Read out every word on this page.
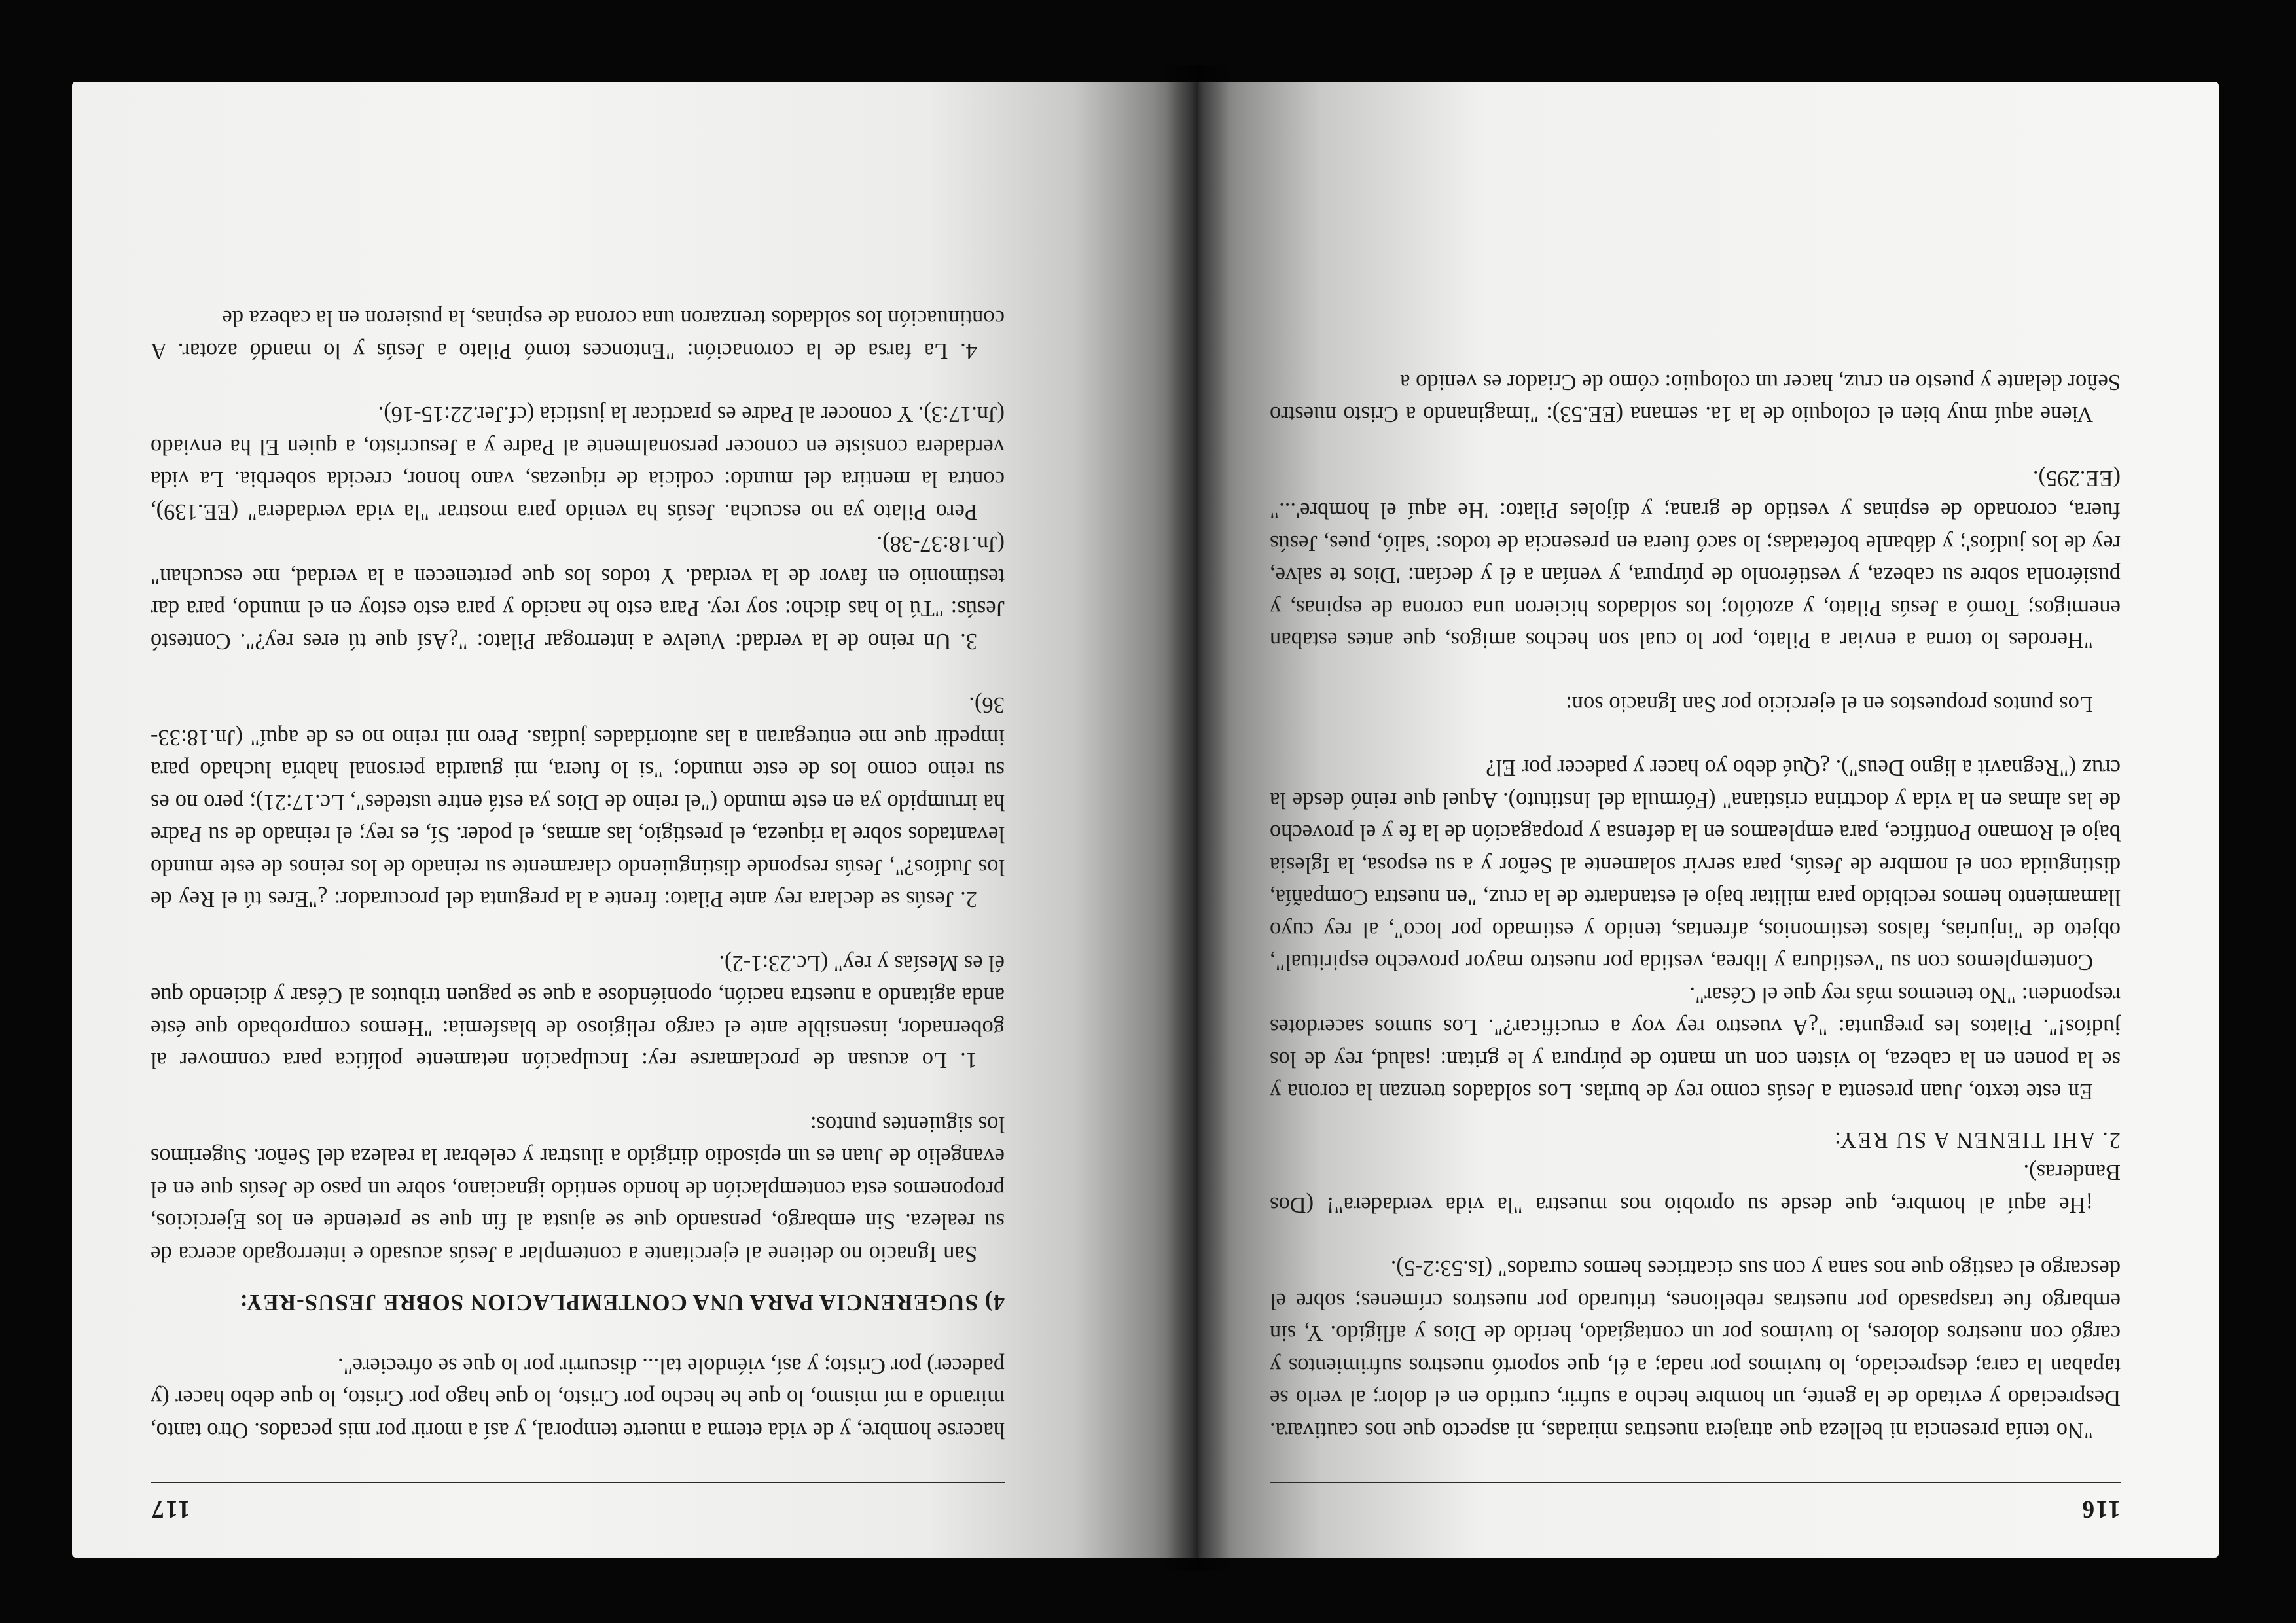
116

"No tenía presencia ni belleza que atrajera nuestras miradas, ni aspecto que nos cautivara. Despreciado y evitado de la gente, un hombre hecho a sufrir, curtido en el dolor; al verlo se tapaban la cara; despreciado, lo tuvimos por nada; a él, que soportó nuestros sufrimientos y cargó con nuestros dolores, lo tuvimos por un contagiado, herido de Dios y afligido. Y, sin embargo fue traspasado por nuestras rebeliones, triturado por nuestros crímenes; sobre el descargo el castigo que nos sana y con sus cicatrices hemos curados" (Is.53:2-5).

¡He aquí al hombre, que desde su oprobio nos muestra "la vida verdadera"! (Dos Banderas).

2. AHI TIENEN A SU REY:

En este texto, Juan presenta a Jesús como rey de burlas. Los soldados trenzan la corona y se la ponen en la cabeza, lo visten con un manto de púrpura y le gritan: ¡salud, rey de los judíos!". Pilatos les pregunta: "¿A vuestro rey voy a crucificar?". Los sumos sacerdotes responden: "No tenemos más rey que el César".

Contemplemos con su "vestidura y librea, vestida por nuestro mayor provecho espiritual", objeto de "injurias, falsos testimonios, afrentas, tenido y estimado por loco", al rey cuyo llamamiento hemos recibido para militar bajo el estandarte de la cruz, "en nuestra Compañía, distinguida con el nombre de Jesús, para servir solamente al Señor y a su esposa, la Iglesia bajo el Romano Pontífice, para empleamos en la defensa y propagación de la fe y el provecho de las almas en la vida y doctrina cristiana" (Fórmula del Instituto). Aquel que reinó desde la cruz ("Regnavit a ligno Deus"). ¿Qué debo yo hacer y padecer por El?

Los puntos propuestos en el ejercicio por San Ignacio son:

"Herodes lo torna a enviar a Pilato, por lo cual son hechos amigos, que antes estaban enemigos; Tomó a Jesús Pilato, y azotólo; los soldados hicieron una corona de espinas, y pusiéronla sobre su cabeza, y vestiéronlo de púrpura, y venían a él y decían: 'Dios te salve, rey de los judíos'; y dábanle bofetadas; lo sacó fuera en presencia de todos: 'salió, pues, Jesús fuera, coronado de espinas y vestido de grana; y díjoles Pilato: 'He aquí el hombre'..." (EE.295).

Viene aquí muy bien el coloquio de la 1a. semana (EE.53): "imaginando a Cristo nuestro Señor delante y puesto en cruz, hacer un coloquio: cómo de Criador es venido a

117

hacerse hombre, y de vida eterna a muerte temporal, y así a morir por mis pecados. Otro tanto, mirando a mí mismo, lo que he hecho por Cristo, lo que hago por Cristo, lo que debo hacer (y padecer) por Cristo; y así, viéndole tal... discurrir por lo que se ofreciere".

4) SUGERENCIA PARA UNA CONTEMPLACION SOBRE JESUS-REY:

San Ignacio no detiene al ejercitante a contemplar a Jesús acusado e interrogado acerca de su realeza. Sin embargo, pensando que se ajusta al fin que se pretende en los Ejercicios, proponemos esta contemplación de hondo sentido ignaciano, sobre un paso de Jesús que en el evangelio de Juan es un episodio dirigido a ilustrar y celebrar la realeza del Señor. Sugerimos los siguientes puntos:

1. Lo acusan de proclamarse rey: Inculpación netamente política para conmover al gobernador, insensible ante el cargo religioso de blasfemia: "Hemos comprobado que éste anda agitando a nuestra nación, oponiéndose a que se paguen tributos al César y diciendo que él es Mesías y rey" (Lc.23:1-2).

2. Jesús se declara rey ante Pilato: frente a la pregunta del procurador: ¿"Eres tú el Rey de los Judíos?", Jesús responde distinguiendo claramente su reinado de los reinos de este mundo levantados sobre la riqueza, el prestigio, las armas, el poder. Sí, es rey; el reinado de su Padre ha irrumpido ya en este mundo ("el reino de Dios ya está entre ustedes", Lc.17:21); pero no es su reino como los de este mundo; "si lo fuera, mi guardia personal habría luchado para impedir que me entregaran a las autoridades judías. Pero mi reino no es de aquí" (Jn.18:33-36).

3. Un reino de la verdad: Vuelve a interrogar Pilato: "¿Así que tú eres rey?". Contestó Jesús: "Tú lo has dicho: soy rey. Para esto he nacido y para esto estoy en el mundo, para dar testimonio en favor de la verdad. Y todos los que pertenecen a la verdad, me escuchan" (Jn.18:37-38).

Pero Pilato ya no escucha. Jesús ha venido para mostrar "la vida verdadera" (EE.139), contra la mentira del mundo: codicia de riquezas, vano honor, crecida soberbia. La vida verdadera consiste en conocer personalmente al Padre y a Jesucristo, a quien El ha enviado (Jn.17:3). Y conocer al Padre es practicar la justicia (cf.Jer.22:15-16).

4. La farsa de la coronación: "Entonces tomó Pilato a Jesús y lo mandó azotar. A continuación los soldados trenzaron una corona de espinas, la pusieron en la cabeza de
